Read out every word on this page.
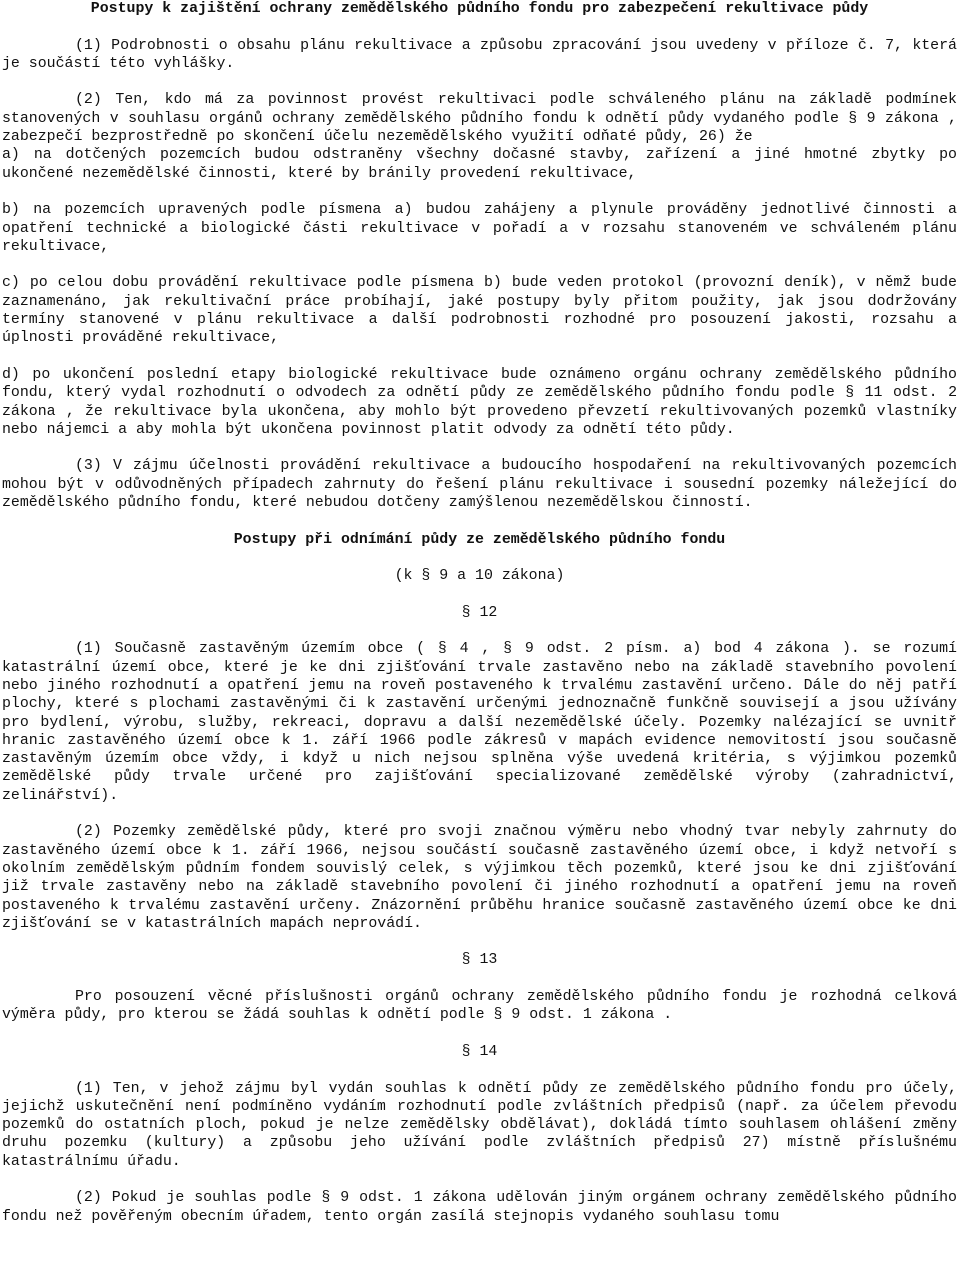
Postupy k zajištění ochrany zemědělského půdního fondu pro zabezpečení rekultivace půdy

(1) Podrobnosti o obsahu plánu rekultivace a způsobu zpracování jsou uvedeny v příloze č. 7, která je součástí této vyhlášky.

(2) Ten, kdo má za povinnost provést rekultivaci podle schváleného plánu na základě podmínek stanovených v souhlasu orgánů ochrany zemědělského půdního fondu k odnětí půdy vydaného podle § 9 zákona , zabezpečí bezprostředně po skončení účelu nezemědělského využití odňaté půdy, 26) že

a) na dotčených pozemcích budou odstraněny všechny dočasné stavby, zařízení a jiné hmotné zbytky po ukončené nezemědělské činnosti, které by bránily provedení rekultivace,

b) na pozemcích upravených podle písmena a) budou zahájeny a plynule prováděny jednotlivé činnosti a opatření technické a biologické části rekultivace v pořadí a v rozsahu stanoveném ve schváleném plánu rekultivace,

c) po celou dobu provádění rekultivace podle písmena b) bude veden protokol (provozní deník), v němž bude zaznamenáno, jak rekultivační práce probíhají, jaké postupy byly přitom použity, jak jsou dodržovány termíny stanovené v plánu rekultivace a další podrobnosti rozhodné pro posouzení jakosti, rozsahu a úplnosti prováděné rekultivace,

d) po ukončení poslední etapy biologické rekultivace bude oznámeno orgánu ochrany zemědělského půdního fondu, který vydal rozhodnutí o odvodech za odnětí půdy ze zemědělského půdního fondu podle § 11 odst. 2 zákona , že rekultivace byla ukončena, aby mohlo být provedeno převzetí rekultivovaných pozemků vlastníky nebo nájemci a aby mohla být ukončena povinnost platit odvody za odnětí této půdy.

(3) V zájmu účelnosti provádění rekultivace a budoucího hospodaření na rekultivovaných pozemcích mohou být v odůvodněných případech zahrnuty do řešení plánu rekultivace i sousední pozemky náležející do zemědělského půdního fondu, které nebudou dotčeny zamýšlenou nezemědělskou činností.

Postupy při odnímání půdy ze zemědělského půdního fondu

(k § 9 a 10 zákona)

§ 12

(1) Současně zastavěným územím obce ( § 4 , § 9 odst. 2 písm. a) bod 4 zákona ). se rozumí katastrální území obce, které je ke dni zjišťování trvale zastavěno nebo na základě stavebního povolení nebo jiného rozhodnutí a opatření jemu na roveň postaveného k trvalému zastavění určeno. Dále do něj patří plochy, které s plochami zastavěnými či k zastavění určenými jednoznačně funkčně souvisejí a jsou užívány pro bydlení, výrobu, služby, rekreaci, dopravu a další nezemědělské účely. Pozemky nalézající se uvnitř hranic zastavěného území obce k 1. září 1966 podle zákresů v mapách evidence nemovitostí jsou současně zastavěným územím obce vždy, i když u nich nejsou splněna výše uvedená kritéria, s výjimkou pozemků zemědělské půdy trvale určené pro zajišťování specializované zemědělské výroby (zahradnictví, zelinářství).

(2) Pozemky zemědělské půdy, které pro svoji značnou výměru nebo vhodný tvar nebyly zahrnuty do zastavěného území obce k 1. září 1966, nejsou součástí současně zastavěného území obce, i když netvoří s okolním zemědělským půdním fondem souvislý celek, s výjimkou těch pozemků, které jsou ke dni zjišťování již trvale zastavěny nebo na základě stavebního povolení či jiného rozhodnutí a opatření jemu na roveň postaveného k trvalému zastavění určeny. Znázornění průběhu hranice současně zastavěného území obce ke dni zjišťování se v katastrálních mapách neprovádí.

§ 13

Pro posouzení věcné příslušnosti orgánů ochrany zemědělského půdního fondu je rozhodná celková výměra půdy, pro kterou se žádá souhlas k odnětí podle § 9 odst. 1 zákona .

§ 14

(1) Ten, v jehož zájmu byl vydán souhlas k odnětí půdy ze zemědělského půdního fondu pro účely, jejichž uskutečnění není podmíněno vydáním rozhodnutí podle zvláštních předpisů (např. za účelem převodu pozemků do ostatních ploch, pokud je nelze zemědělsky obdělávat), dokládá tímto souhlasem ohlášení změny druhu pozemku (kultury) a způsobu jeho užívání podle zvláštních předpisů 27) místně příslušnému katastrálnímu úřadu.

(2) Pokud je souhlas podle § 9 odst. 1 zákona udělován jiným orgánem ochrany zemědělského půdního fondu než pověřeným obecním úřadem, tento orgán zasílá stejnopis vydaného souhlasu tomu
